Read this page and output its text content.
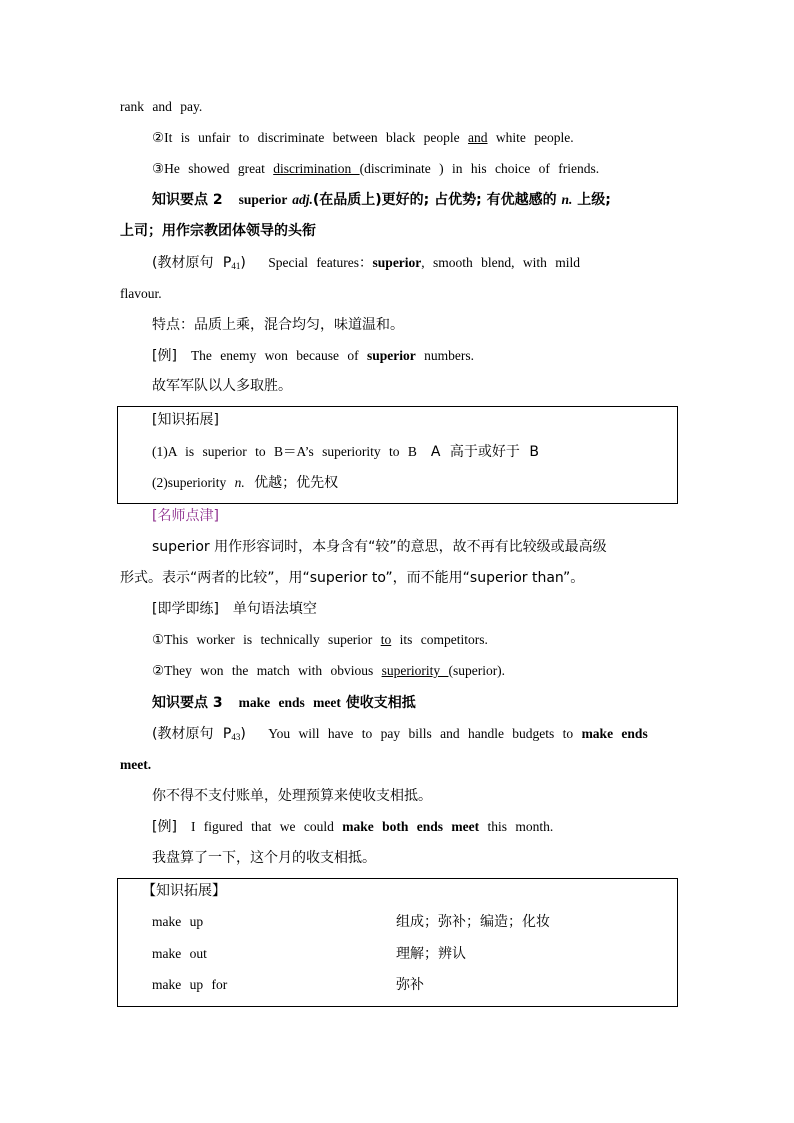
rank and pay.
②It is unfair to discriminate between black people and white people.
③He showed great discrimination (discriminate ) in his choice of friends.
知识要点 2 superior adj.(在品质上)更好的; 占优势; 有优越感的 n. 上级;
上司；用作宗教团体领导的头衔
(教材原句 $P_{41}$) Special features：superior, smooth blend, with mild
flavour.
特点：品质上乘，混合均匀，味道温和。
[例] The enemy won because of superior numbers.
故军军队以人多取胜。
[知识拓展]
(1)A is superior to B＝A’s superiority to B A 高于或好于 B
(2)superiority n. 优越；优先权
[名师点津]
superior 用作形容词时，本身含有“较”的意思，故不再有比较级或最高级
形式。表示“两者的比较”，用“superior to”，而不能用“superior than”。
[即学即练]　单句语法填空
①This worker is technically superior to its competitors.
②They won the match with obvious superiority (superior).
知识要点 3 make ends meet 使收支相抵
(教材原句 $P_{43}$) You will have to pay bills and handle budgets to make ends
meet.
你不得不支付账单，处理预算来使收支相抵。
[例] I figured that we could make both ends meet this month.
我盘算了一下，这个月的收支相抵。
【知识拓展】
make up	组成；弥补；编造；化妆
make out	理解；辨认
make up for	弥补
